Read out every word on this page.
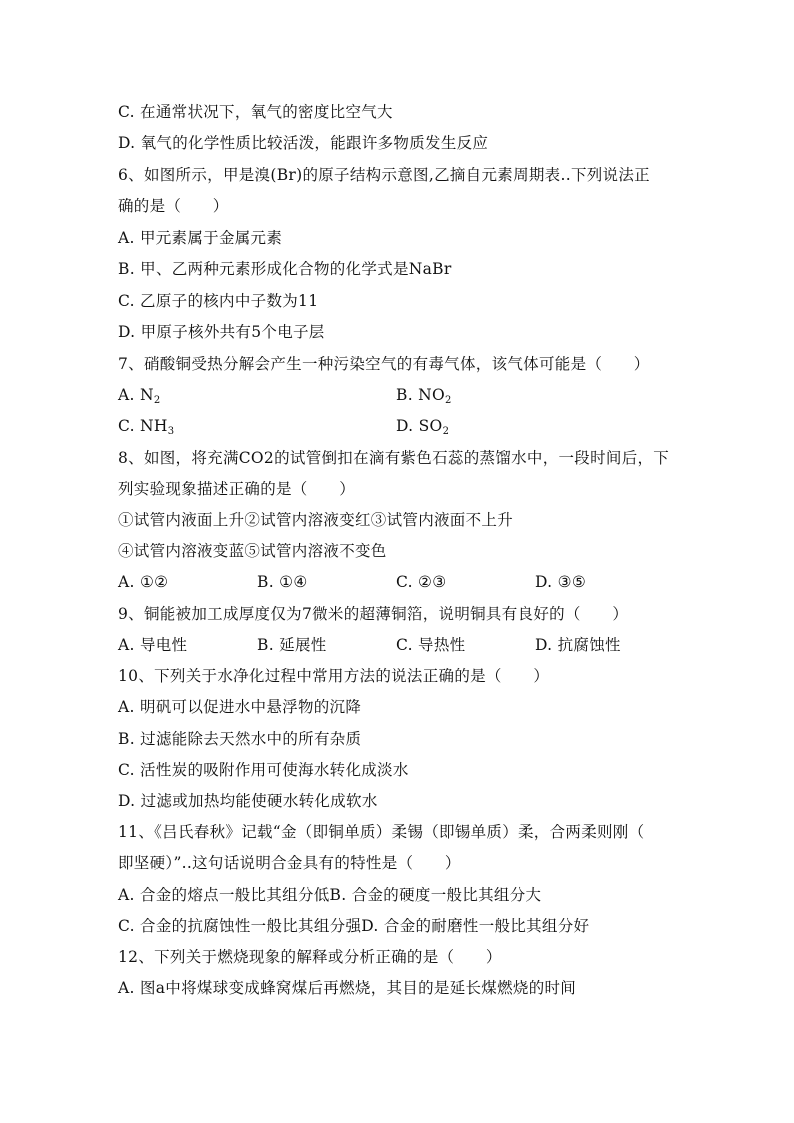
C. 在通常状况下，氧气的密度比空气大
D. 氧气的化学性质比较活泼，能跟许多物质发生反应
6、如图所示，甲是溴(Br)的原子结构示意图,乙摘自元素周期表..下列说法正
确的是（　　）
A. 甲元素属于金属元素
B. 甲、乙两种元素形成化合物的化学式是NaBr
C. 乙原子的核内中子数为11
D. 甲原子核外共有5个电子层
7、硝酸铜受热分解会产生一种污染空气的有毒气体，该气体可能是（　　）
A. $N_2$	B. $NO_2$
C. $NH_3$	D. $SO_2$
8、如图，将充满CO2的试管倒扣在滴有紫色石蕊的蒸馏水中，一段时间后，下
列实验现象描述正确的是（　　）
①试管内液面上升②试管内溶液变红③试管内液面不上升
④试管内溶液变蓝⑤试管内溶液不变色
A. ①②	B. ①④	C. ②③	D. ③⑤
9、铜能被加工成厚度仅为7微米的超薄铜箔，说明铜具有良好的（　　）
A. 导电性	B. 延展性	C. 导热性	D. 抗腐蚀性
10、下列关于水净化过程中常用方法的说法正确的是（　　）
A. 明矾可以促进水中悬浮物的沉降
B. 过滤能除去天然水中的所有杂质
C. 活性炭的吸附作用可使海水转化成淡水
D. 过滤或加热均能使硬水转化成软水
11、《吕氏春秋》记载“金（即铜单质）柔锡（即锡单质）柔，合两柔则刚（
即坚硬）”..这句话说明合金具有的特性是（　　）
A. 合金的熔点一般比其组分低B. 合金的硬度一般比其组分大
C. 合金的抗腐蚀性一般比其组分强D. 合金的耐磨性一般比其组分好
12、下列关于燃烧现象的解释或分析正确的是（　　）
A. 图a中将煤球变成蜂窝煤后再燃烧，其目的是延长煤燃烧的时间
